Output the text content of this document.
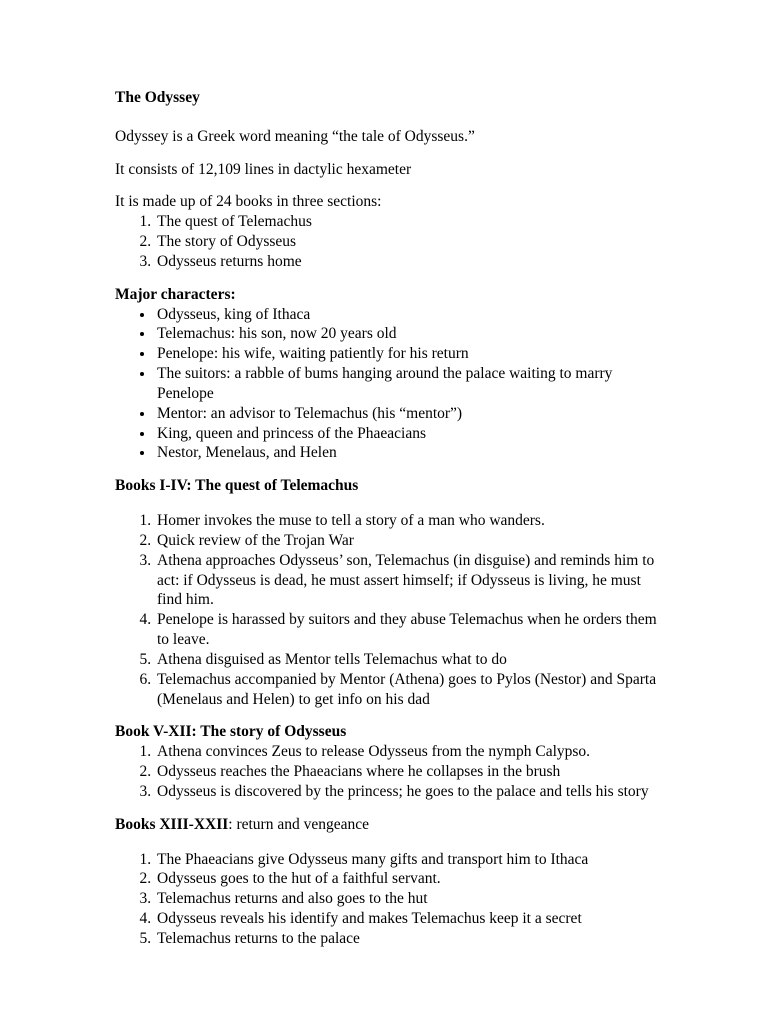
The Odyssey

Odyssey is a Greek word meaning “the tale of Odysseus.”

It consists of 12,109 lines in dactylic hexameter

It is made up of 24 books in three sections:

1. The quest of Telemachus
2. The story of Odysseus
3. Odysseus returns home
Major characters:
• Odysseus, king of Ithaca
• Telemachus: his son, now 20 years old
• Penelope: his wife, waiting patiently for his return
• The suitors: a rabble of bums hanging around the palace waiting to marry Penelope
• Mentor: an advisor to Telemachus (his “mentor”)
• King, queen and princess of the Phaeacians
• Nestor, Menelaus, and Helen
Books I-IV: The quest of Telemachus
1. Homer invokes the muse to tell a story of a man who wanders.
2. Quick review of the Trojan War
3. Athena approaches Odysseus’ son, Telemachus (in disguise) and reminds him to act: if Odysseus is dead, he must assert himself; if Odysseus is living, he must find him.
4. Penelope is harassed by suitors and they abuse Telemachus when he orders them to leave.
5. Athena disguised as Mentor tells Telemachus what to do
6. Telemachus accompanied by Mentor (Athena) goes to Pylos (Nestor) and Sparta (Menelaus and Helen) to get info on his dad
Book V-XII: The story of Odysseus
1. Athena convinces Zeus to release Odysseus from the nymph Calypso.
2. Odysseus reaches the Phaeacians where he collapses in the brush
3. Odysseus is discovered by the princess; he goes to the palace and tells his story
Books XIII-XXII: return and vengeance
1. The Phaeacians give Odysseus many gifts and transport him to Ithaca
2. Odysseus goes to the hut of a faithful servant.
3. Telemachus returns and also goes to the hut
4. Odysseus reveals his identify and makes Telemachus keep it a secret
5. Telemachus returns to the palace
